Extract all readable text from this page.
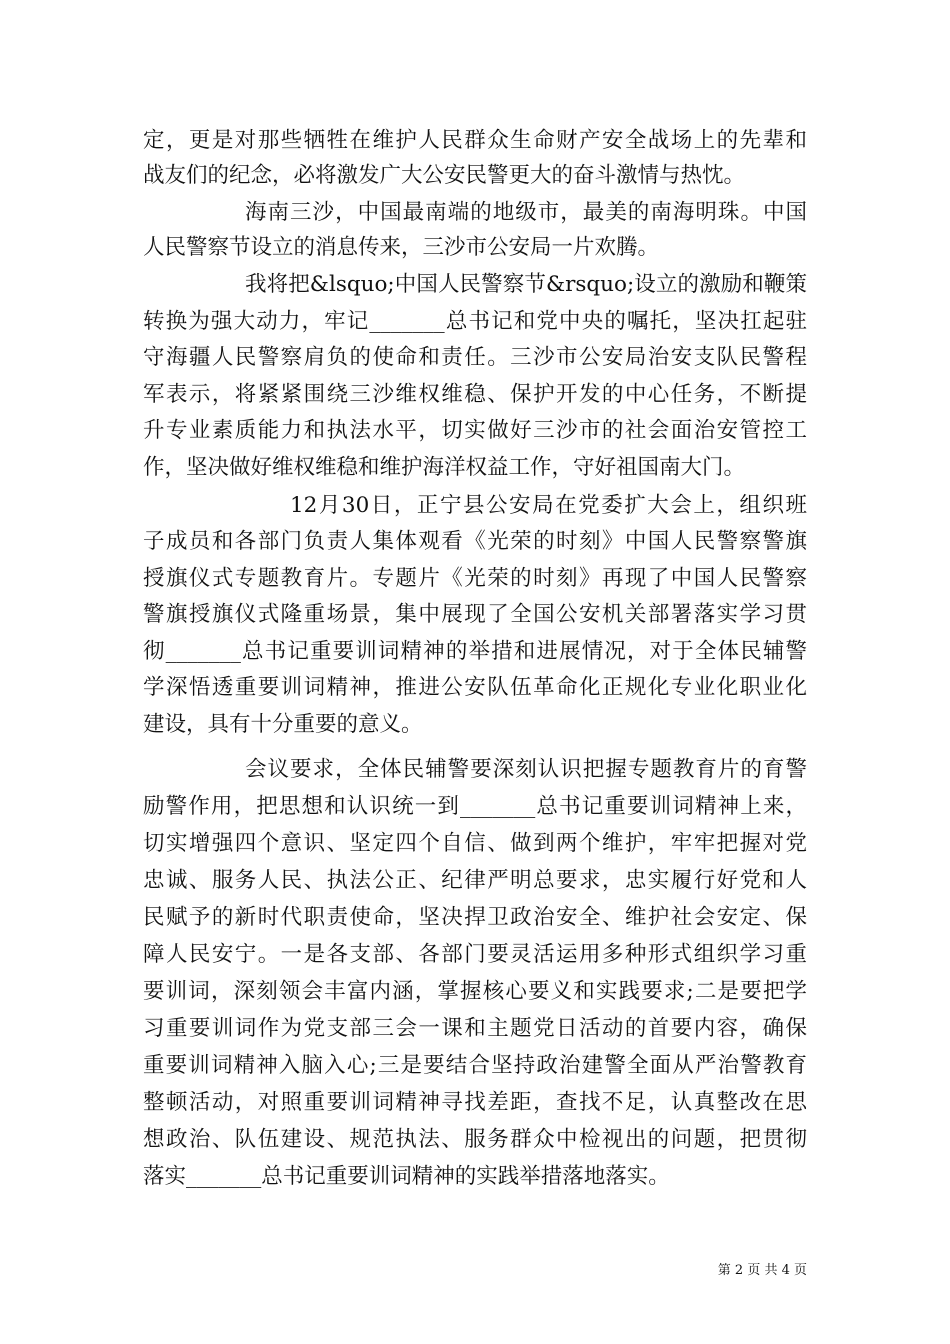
定，更是对那些牺牲在维护人民群众生命财产安全战场上的先辈和
战友们的纪念，必将激发广大公安民警更大的奋斗激情与热忱。
海南三沙，中国最南端的地级市，最美的南海明珠。中国
人民警察节设立的消息传来，三沙市公安局一片欢腾。
我将把&lsquo;中国人民警察节&rsquo;设立的激励和鞭策
转换为强大动力，牢记_______总书记和党中央的嘱托，坚决扛起驻
守海疆人民警察肩负的使命和责任。三沙市公安局治安支队民警程
军表示，将紧紧围绕三沙维权维稳、保护开发的中心任务，不断提
升专业素质能力和执法水平，切实做好三沙市的社会面治安管控工
作，坚决做好维权维稳和维护海洋权益工作，守好祖国南大门。
12月30日，正宁县公安局在党委扩大会上，组织班
子成员和各部门负责人集体观看《光荣的时刻》中国人民警察警旗
授旗仪式专题教育片。专题片《光荣的时刻》再现了中国人民警察
警旗授旗仪式隆重场景，集中展现了全国公安机关部署落实学习贯
彻_______总书记重要训词精神的举措和进展情况，对于全体民辅警
学深悟透重要训词精神，推进公安队伍革命化正规化专业化职业化
建设，具有十分重要的意义。
会议要求，全体民辅警要深刻认识把握专题教育片的育警
励警作用，把思想和认识统一到_______总书记重要训词精神上来，
切实增强四个意识、坚定四个自信、做到两个维护，牢牢把握对党
忠诚、服务人民、执法公正、纪律严明总要求，忠实履行好党和人
民赋予的新时代职责使命，坚决捍卫政治安全、维护社会安定、保
障人民安宁。一是各支部、各部门要灵活运用多种形式组织学习重
要训词，深刻领会丰富内涵，掌握核心要义和实践要求;二是要把学
习重要训词作为党支部三会一课和主题党日活动的首要内容，确保
重要训词精神入脑入心;三是要结合坚持政治建警全面从严治警教育
整顿活动，对照重要训词精神寻找差距，查找不足，认真整改在思
想政治、队伍建设、规范执法、服务群众中检视出的问题，把贯彻
落实_______总书记重要训词精神的实践举措落地落实。
第 2 页 共 4 页
